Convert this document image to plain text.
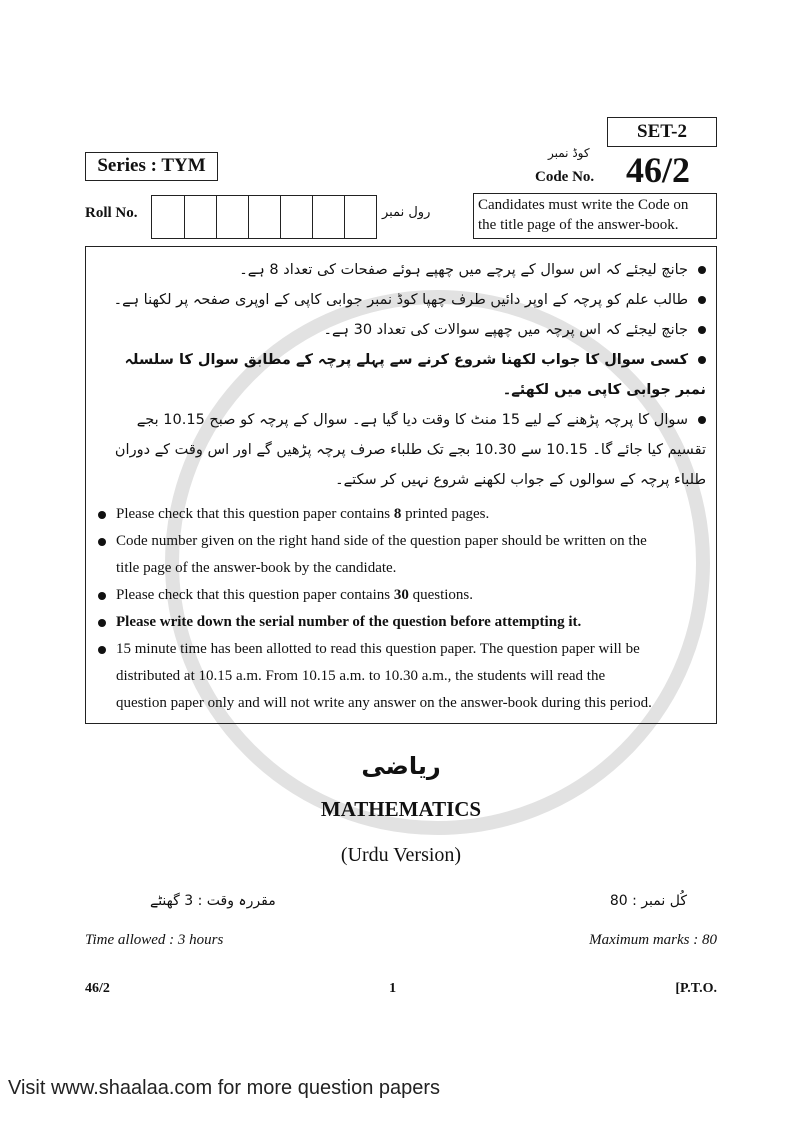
SET-2
Series : TYM
کوڈ نمبر
Code No. 46/2
Roll No.	رول نمبر	Candidates must write the Code on
the title page of the answer-book.
جانچ لیجئے کہ اس سوال کے پرچے میں چھپے ہوئے صفحات کی تعداد 8 ہے۔
طالب علم کو پرچہ کے اوپر دائیں طرف چھپا کوڈ نمبر جوابی کاپی کے اوپری صفحہ پر لکھنا ہے۔
جانچ لیجئے کہ اس پرچہ میں چھپے سوالات کی تعداد 30 ہے۔
کسی سوال کا جواب لکھنا شروع کرنے سے پہلے پرچہ کے مطابق سوال کا سلسلہ نمبر جوابی کاپی میں لکھئے۔
سوال کا پرچہ پڑھنے کے لیے 15 منٹ کا وقت دیا گیا ہے۔ سوال کے پرچہ کو صبح 10.15 بجے تقسیم کیا جائے گا۔ 10.15 سے 10.30 بجے تک طلباء صرف پرچہ پڑھیں گے اور اس وقت کے دوران طلباء پرچہ کے سوالوں کے جواب لکھنے شروع نہیں کر سکتے۔
Please check that this question paper contains 8 printed pages.
Code number given on the right hand side of the question paper should be written on the
title page of the answer-book by the candidate.
Please check that this question paper contains 30 questions.
Please write down the serial number of the question before attempting it.
15 minute time has been allotted to read this question paper. The question paper will be
distributed at 10.15 a.m. From 10.15 a.m. to 10.30 a.m., the students will read the
question paper only and will not write any answer on the answer-book during this period.
ریاضی
MATHEMATICS
(Urdu Version)
مقررہ وقت : 3 گھنٹے	کُل نمبر : 80
Time allowed : 3 hours	Maximum marks : 80
46/2	1	[P.T.O.
Visit www.shaalaa.com for more question papers
